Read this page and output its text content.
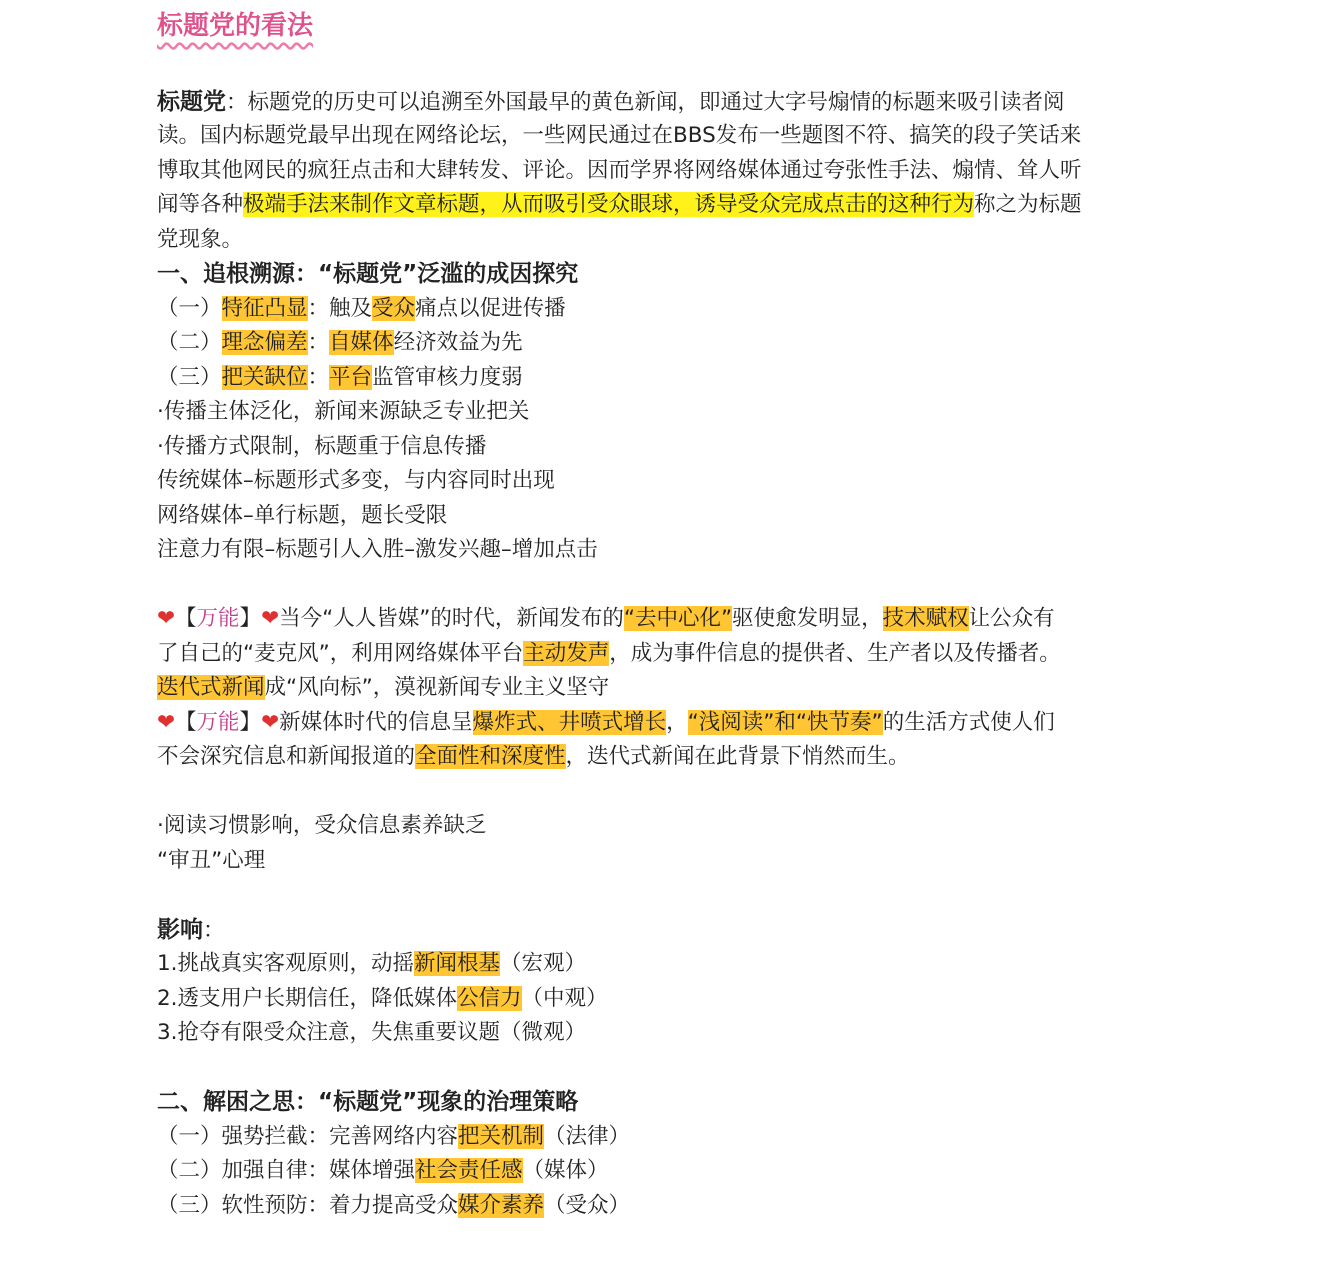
标题党的看法
标题党：标题党的历史可以追溯至外国最早的黄色新闻，即通过大字号煽情的标题来吸引读者阅
读。国内标题党最早出现在网络论坛，一些网民通过在BBS发布一些题图不符、搞笑的段子笑话来
博取其他网民的疯狂点击和大肆转发、评论。因而学界将网络媒体通过夸张性手法、煽情、耸人听
闻等各种极端手法来制作文章标题，从而吸引受众眼球，诱导受众完成点击的这种行为称之为标题
党现象。
一、追根溯源：“标题党”泛滥的成因探究
（一）特征凸显：触及受众痛点以促进传播
（二）理念偏差：自媒体经济效益为先
（三）把关缺位：平台监管审核力度弱
·传播主体泛化，新闻来源缺乏专业把关
·传播方式限制，标题重于信息传播
传统媒体–标题形式多变，与内容同时出现
网络媒体–单行标题，题长受限
注意力有限–标题引人入胜–激发兴趣–增加点击
❤【万能】❤当今“人人皆媒”的时代，新闻发布的“去中心化”驱使愈发明显，技术赋权让公众有
了自己的“麦克风”，利用网络媒体平台主动发声，成为事件信息的提供者、生产者以及传播者。
迭代式新闻成“风向标”，漠视新闻专业主义坚守
❤【万能】❤新媒体时代的信息呈爆炸式、井喷式增长，“浅阅读”和“快节奏”的生活方式使人们
不会深究信息和新闻报道的全面性和深度性，迭代式新闻在此背景下悄然而生。
·阅读习惯影响，受众信息素养缺乏
“审丑”心理
影响：
1.挑战真实客观原则，动摇新闻根基（宏观）
2.透支用户长期信任，降低媒体公信力（中观）
3.抢夺有限受众注意，失焦重要议题（微观）
二、解困之思：“标题党”现象的治理策略
（一）强势拦截：完善网络内容把关机制（法律）
（二）加强自律：媒体增强社会责任感（媒体）
（三）软性预防：着力提高受众媒介素养（受众）
